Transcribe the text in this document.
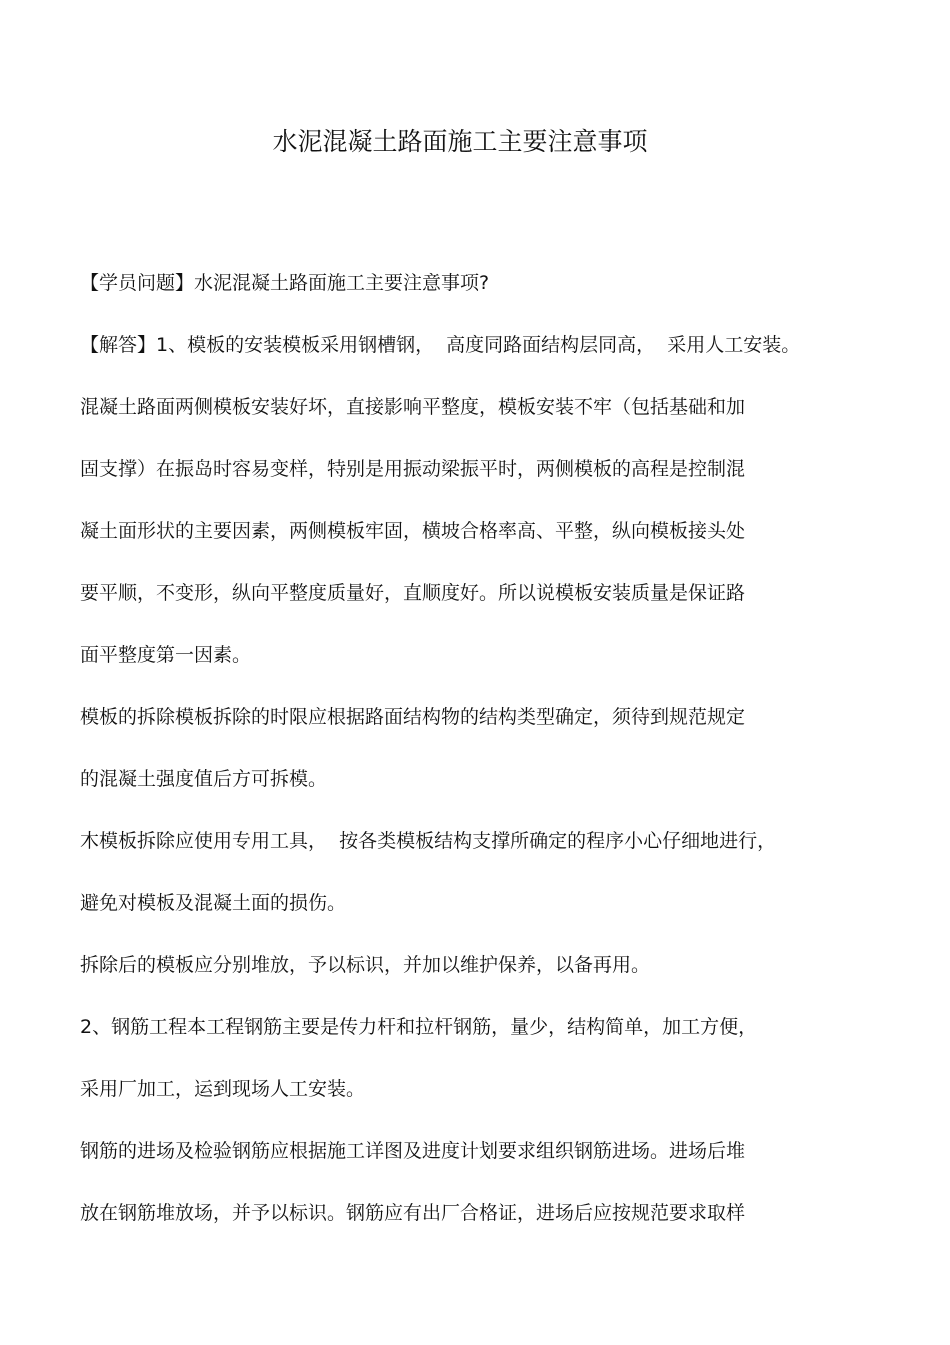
水泥混凝土路面施工主要注意事项
【学员问题】水泥混凝土路面施工主要注意事项?
【解答】1、模板的安装模板采用钢槽钢，  高度同路面结构层同高，  采用人工安装。
混凝土路面两侧模板安装好坏，直接影响平整度，模板安装不牢（包括基础和加
固支撑）在振岛时容易变样，特别是用振动梁振平时，两侧模板的高程是控制混
凝土面形状的主要因素，两侧模板牢固，横坡合格率高、平整，纵向模板接头处
要平顺，不变形，纵向平整度质量好，直顺度好。所以说模板安装质量是保证路
面平整度第一因素。
模板的拆除模板拆除的时限应根据路面结构物的结构类型确定，须待到规范规定
的混凝土强度值后方可拆模。
木模板拆除应使用专用工具，  按各类模板结构支撑所确定的程序小心仔细地进行，
避免对模板及混凝土面的损伤。
拆除后的模板应分别堆放，予以标识，并加以维护保养，以备再用。
2、钢筋工程本工程钢筋主要是传力杆和拉杆钢筋，量少，结构简单，加工方便，
采用厂加工，运到现场人工安装。
钢筋的进场及检验钢筋应根据施工详图及进度计划要求组织钢筋进场。进场后堆
放在钢筋堆放场，并予以标识。钢筋应有出厂合格证，进场后应按规范要求取样
